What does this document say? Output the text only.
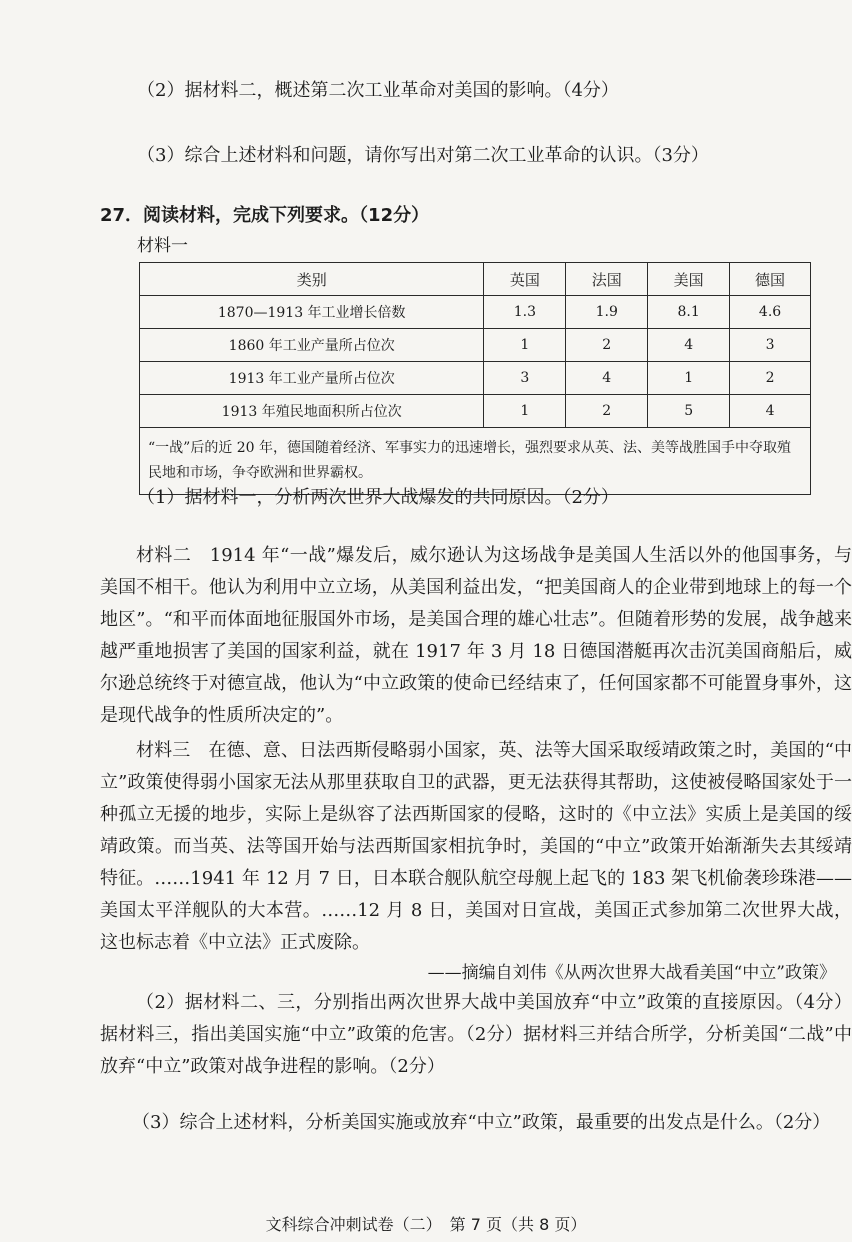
（2）据材料二，概述第二次工业革命对美国的影响。（4分）
（3）综合上述材料和问题，请你写出对第二次工业革命的认识。（3分）
27．阅读材料，完成下列要求。（12分）
材料一
类别	英国	法国	美国	德国
1870—1913 年工业增长倍数	1.3	1.9	8.1	4.6
1860 年工业产量所占位次	1	2	4	3
1913 年工业产量所占位次	3	4	1	2
1913 年殖民地面积所占位次	1	2	5	4
“一战”后的近 20 年，德国随着经济、军事实力的迅速增长，强烈要求从英、法、美等战胜国手中夺取殖民地和市场，争夺欧洲和世界霸权。				
（1）据材料一，分析两次世界大战爆发的共同原因。（2分）

材料二　1914 年“一战”爆发后，威尔逊认为这场战争是美国人生活以外的他国事务，与美国不相干。他认为利用中立立场，从美国利益出发，“把美国商人的企业带到地球上的每一个地区”。“和平而体面地征服国外市场，是美国合理的雄心壮志”。但随着形势的发展，战争越来越严重地损害了美国的国家利益，就在 1917 年 3 月 18 日德国潜艇再次击沉美国商船后，威尔逊总统终于对德宣战，他认为“中立政策的使命已经结束了，任何国家都不可能置身事外，这是现代战争的性质所决定的”。

材料三　在德、意、日法西斯侵略弱小国家，英、法等大国采取绥靖政策之时，美国的“中立”政策使得弱小国家无法从那里获取自卫的武器，更无法获得其帮助，这使被侵略国家处于一种孤立无援的地步，实际上是纵容了法西斯国家的侵略，这时的《中立法》实质上是美国的绥靖政策。而当英、法等国开始与法西斯国家相抗争时，美国的“中立”政策开始渐渐失去其绥靖特征。……1941 年 12 月 7 日，日本联合舰队航空母舰上起飞的 183 架飞机偷袭珍珠港——美国太平洋舰队的大本营。……12 月 8 日，美国对日宣战，美国正式参加第二次世界大战，这也标志着《中立法》正式废除。

——摘编自刘伟《从两次世界大战看美国“中立”政策》

（2）据材料二、三，分别指出两次世界大战中美国放弃“中立”政策的直接原因。（4分）据材料三，指出美国实施“中立”政策的危害。（2分）据材料三并结合所学，分析美国“二战”中放弃“中立”政策对战争进程的影响。（2分）

（3）综合上述材料，分析美国实施或放弃“中立”政策，最重要的出发点是什么。（2分）
文科综合冲刺试卷（二）　第 7 页（共 8 页）
